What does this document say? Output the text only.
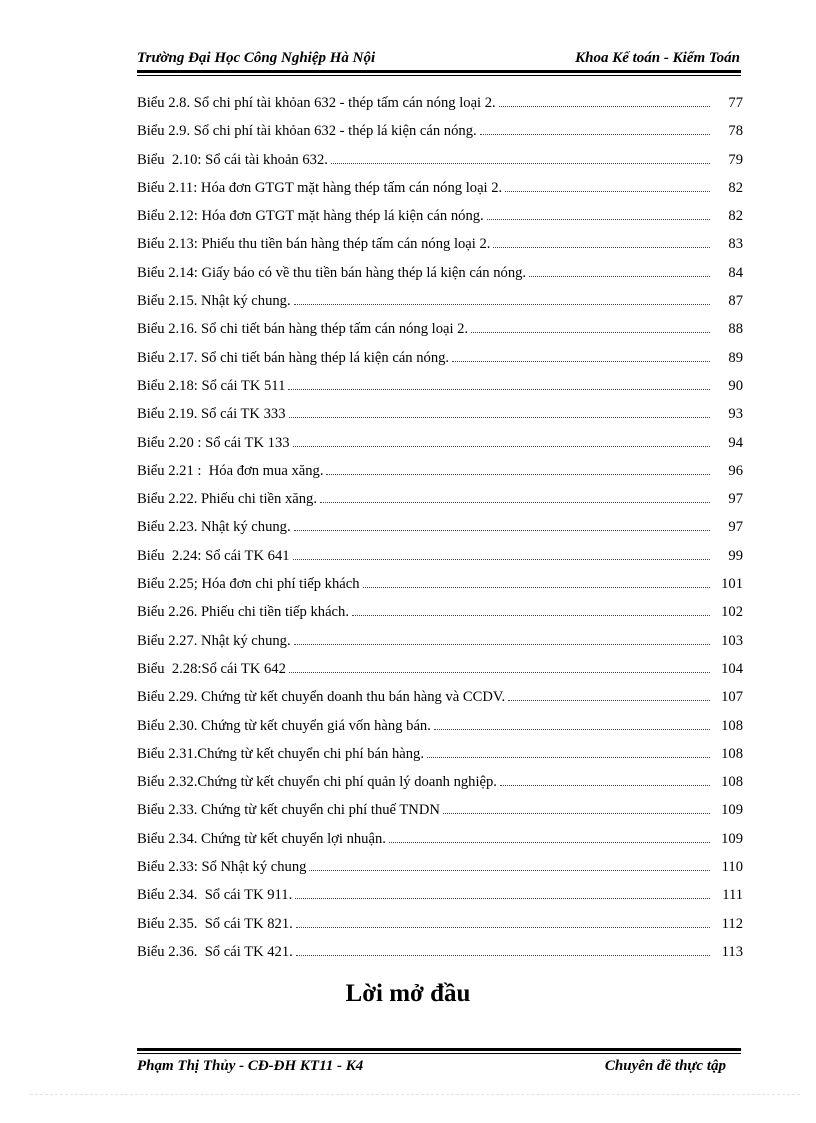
Trường Đại Học Công Nghiệp Hà Nội	Khoa Kế toán - Kiểm Toán
Biểu 2.8. Sổ chi phí tài khỏan 632 - thép tấm cán nóng loại 2.	77
Biểu 2.9. Sổ chi phí tài khỏan 632 - thép lá kiện cán nóng.	78
Biểu  2.10: Sổ cái tài khoản 632.	79
Biểu 2.11: Hóa đơn GTGT mặt hàng thép tấm cán nóng loại 2.	82
Biểu 2.12: Hóa đơn GTGT mặt hàng thép lá kiện cán nóng.	82
Biểu 2.13: Phiếu thu tiền bán hàng thép tấm cán nóng loại 2.	83
Biểu 2.14: Giấy báo có về thu tiền bán hàng thép lá kiện cán nóng.	84
Biểu 2.15. Nhật ký chung.	87
Biểu 2.16. Sổ chi tiết bán hàng thép tấm cán nóng loại 2.	88
Biểu 2.17. Sổ chi tiết bán hàng thép lá kiện cán nóng.	89
Biểu 2.18: Sổ cái TK 511	90
Biểu 2.19. Sổ cái TK 333	93
Biểu 2.20 : Sổ cái TK 133	94
Biểu 2.21 :  Hóa đơn mua xăng.	96
Biểu 2.22. Phiếu chi tiền xăng.	97
Biểu 2.23. Nhật ký chung.	97
Biểu  2.24: Sổ cái TK 641	99
Biểu 2.25; Hóa đơn chi phí tiếp khách	101
Biểu 2.26. Phiếu chi tiền tiếp khách.	102
Biểu 2.27. Nhật ký chung.	103
Biểu  2.28:Sổ cái TK 642	104
Biểu 2.29. Chứng từ kết chuyển doanh thu bán hàng và CCDV.	107
Biểu 2.30. Chứng từ kết chuyển giá vốn hàng bán.	108
Biểu 2.31.Chứng từ kết chuyển chi phí bán hàng.	108
Biểu 2.32.Chứng từ kết chuyển chi phí quản lý doanh nghiệp.	108
Biểu 2.33. Chứng từ kết chuyển chi phí thuế TNDN	109
Biểu 2.34. Chứng từ kết chuyển lợi nhuận.	109
Biểu 2.33: Sổ Nhật ký chung	110
Biểu 2.34.  Sổ cái TK 911.	111
Biểu 2.35.  Sổ cái TK 821.	112
Biểu 2.36.  Sổ cái TK 421.	113
Lời mở đầu
Phạm Thị Thủy - CĐ-ĐH KT11 - K4	Chuyên đề thực tập
